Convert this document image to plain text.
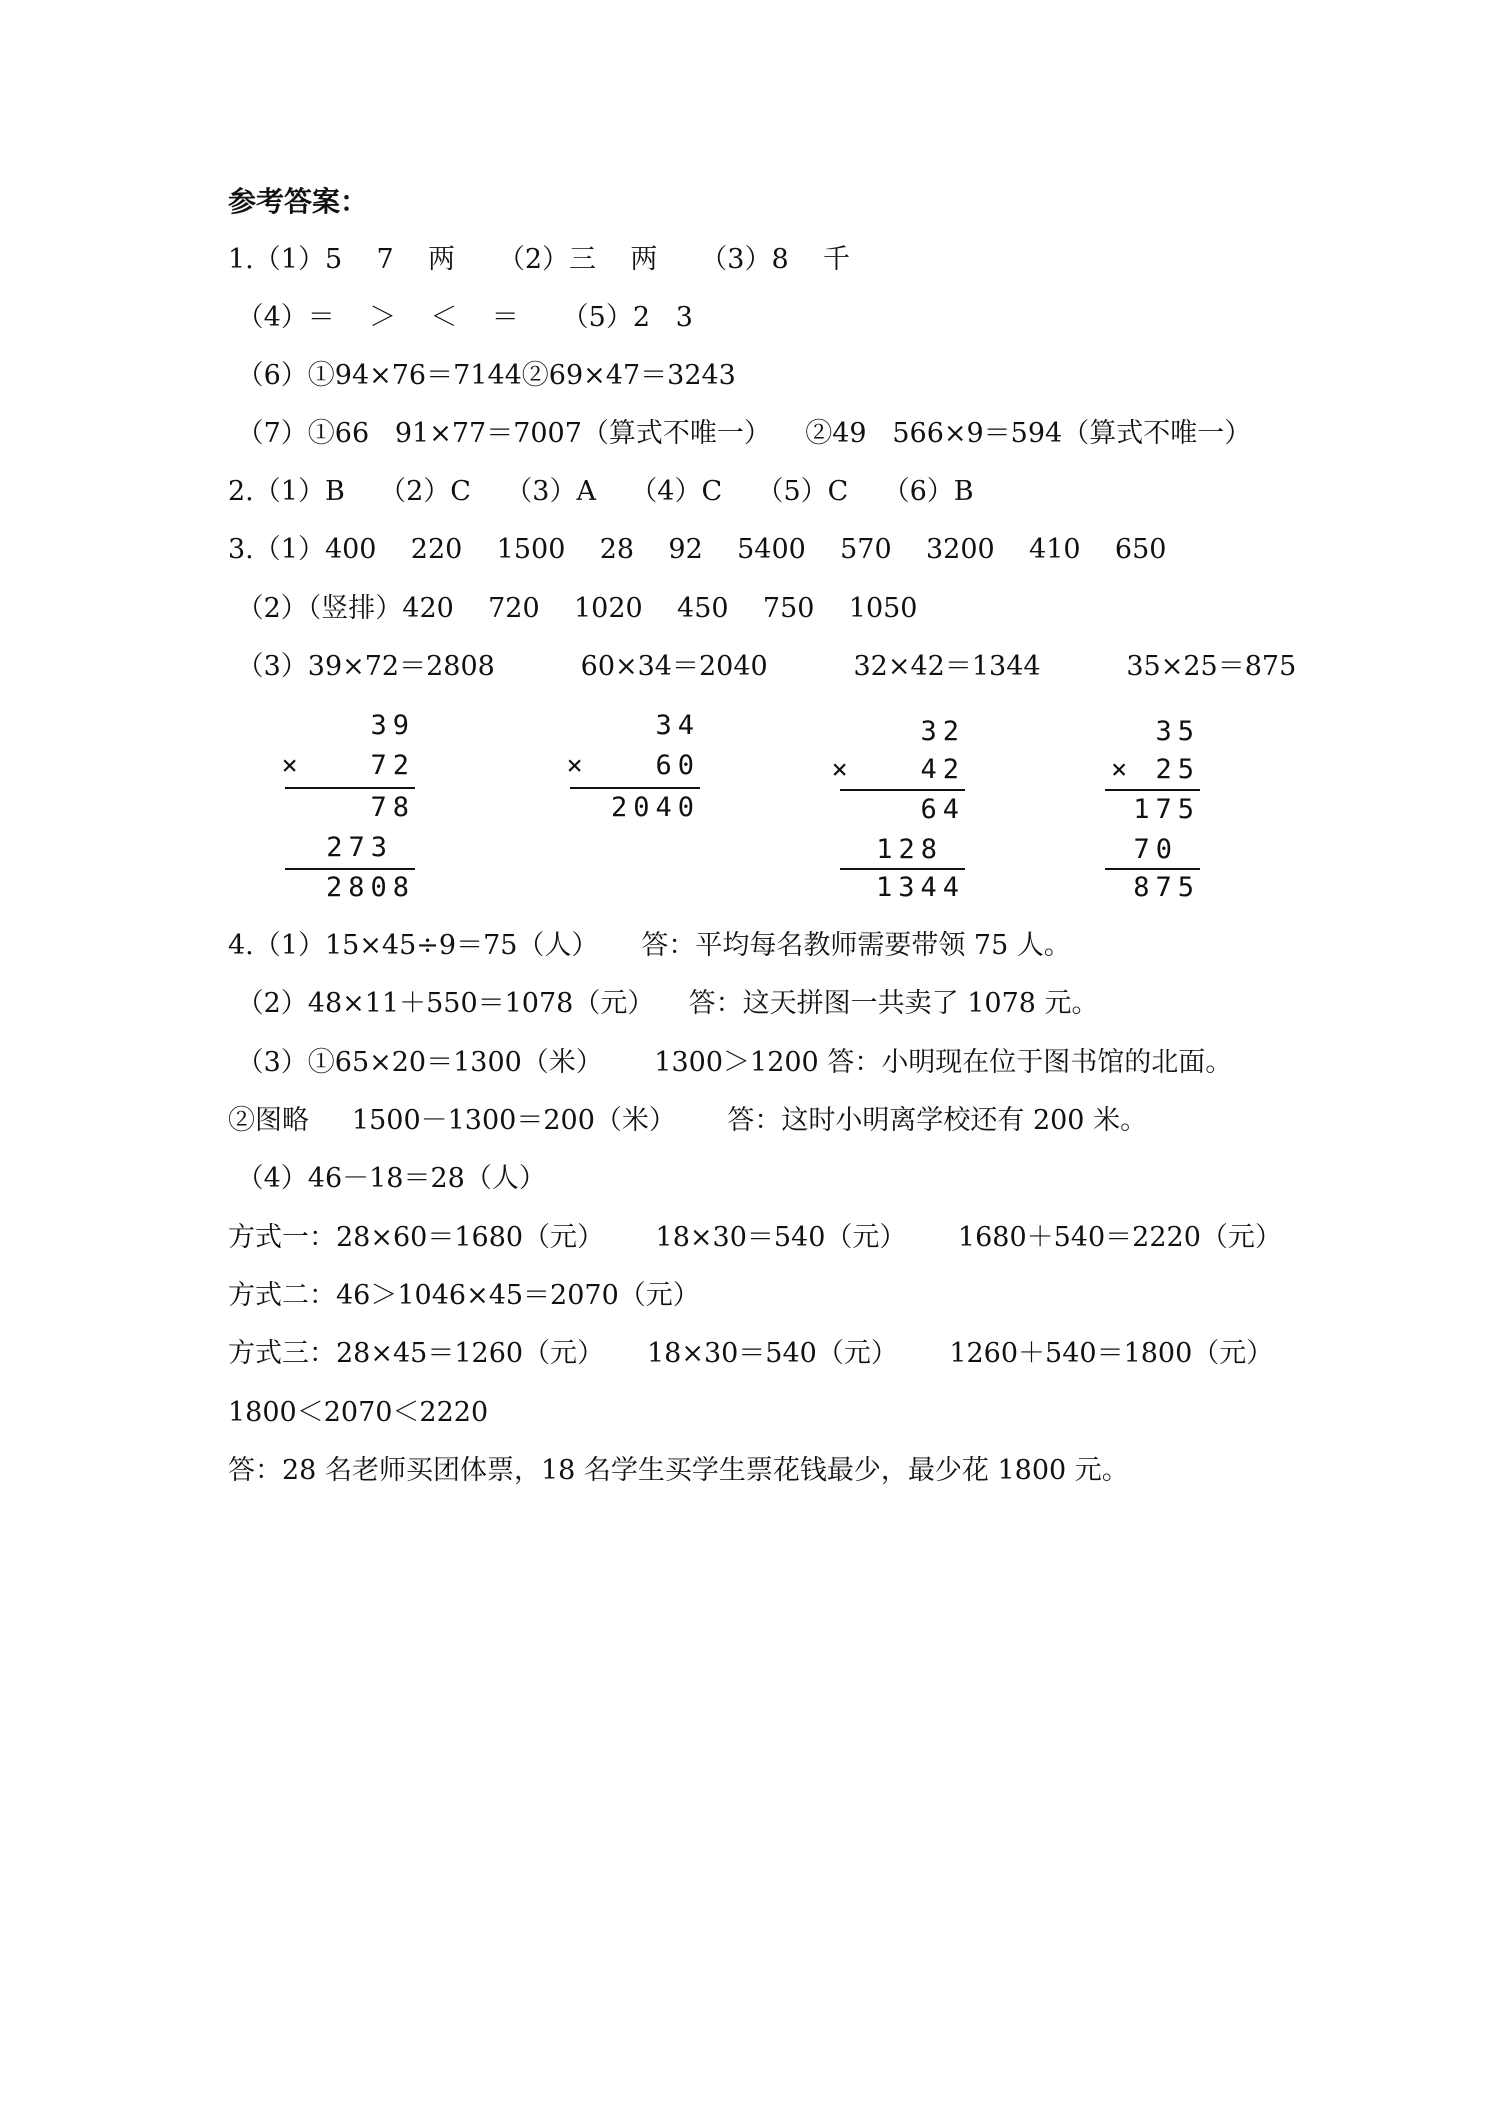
参考答案：
1.（1）5    7    两     （2）三    两     （3）8    千
（4）＝    ＞    ＜    ＝     （5）2   3
（6）①94×76＝7144②69×47＝3243
（7）①66   91×77＝7007（算式不唯一）    ②49   566×9＝594（算式不唯一）
2.（1）B    （2）C    （3）A    （4）C    （5）C    （6）B
3.（1）400    220    1500    28    92    5400    570    3200    410    650
（2）（竖排）420    720    1020    450    750    1050
（3）39×72＝2808          60×34＝2040          32×42＝1344          35×25＝875
39
×   72
78
273
2808
34
×   60
2040
32
×   42
64
128
1344
35
× 25
175
70
875
4.（1）15×45÷9＝75（人）     答：平均每名教师需要带领 75 人。
（2）48×11＋550＝1078（元）    答：这天拼图一共卖了 1078 元。
（3）①65×20＝1300（米）      1300＞1200 答：小明现在位于图书馆的北面。
②图略     1500－1300＝200（米）      答：这时小明离学校还有 200 米。
（4）46－18＝28（人）
方式一：28×60＝1680（元）      18×30＝540（元）      1680＋540＝2220（元）
方式二：46＞1046×45＝2070（元）
方式三：28×45＝1260（元）     18×30＝540（元）      1260＋540＝1800（元）
1800＜2070＜2220
答：28 名老师买团体票，18 名学生买学生票花钱最少，最少花 1800 元。
